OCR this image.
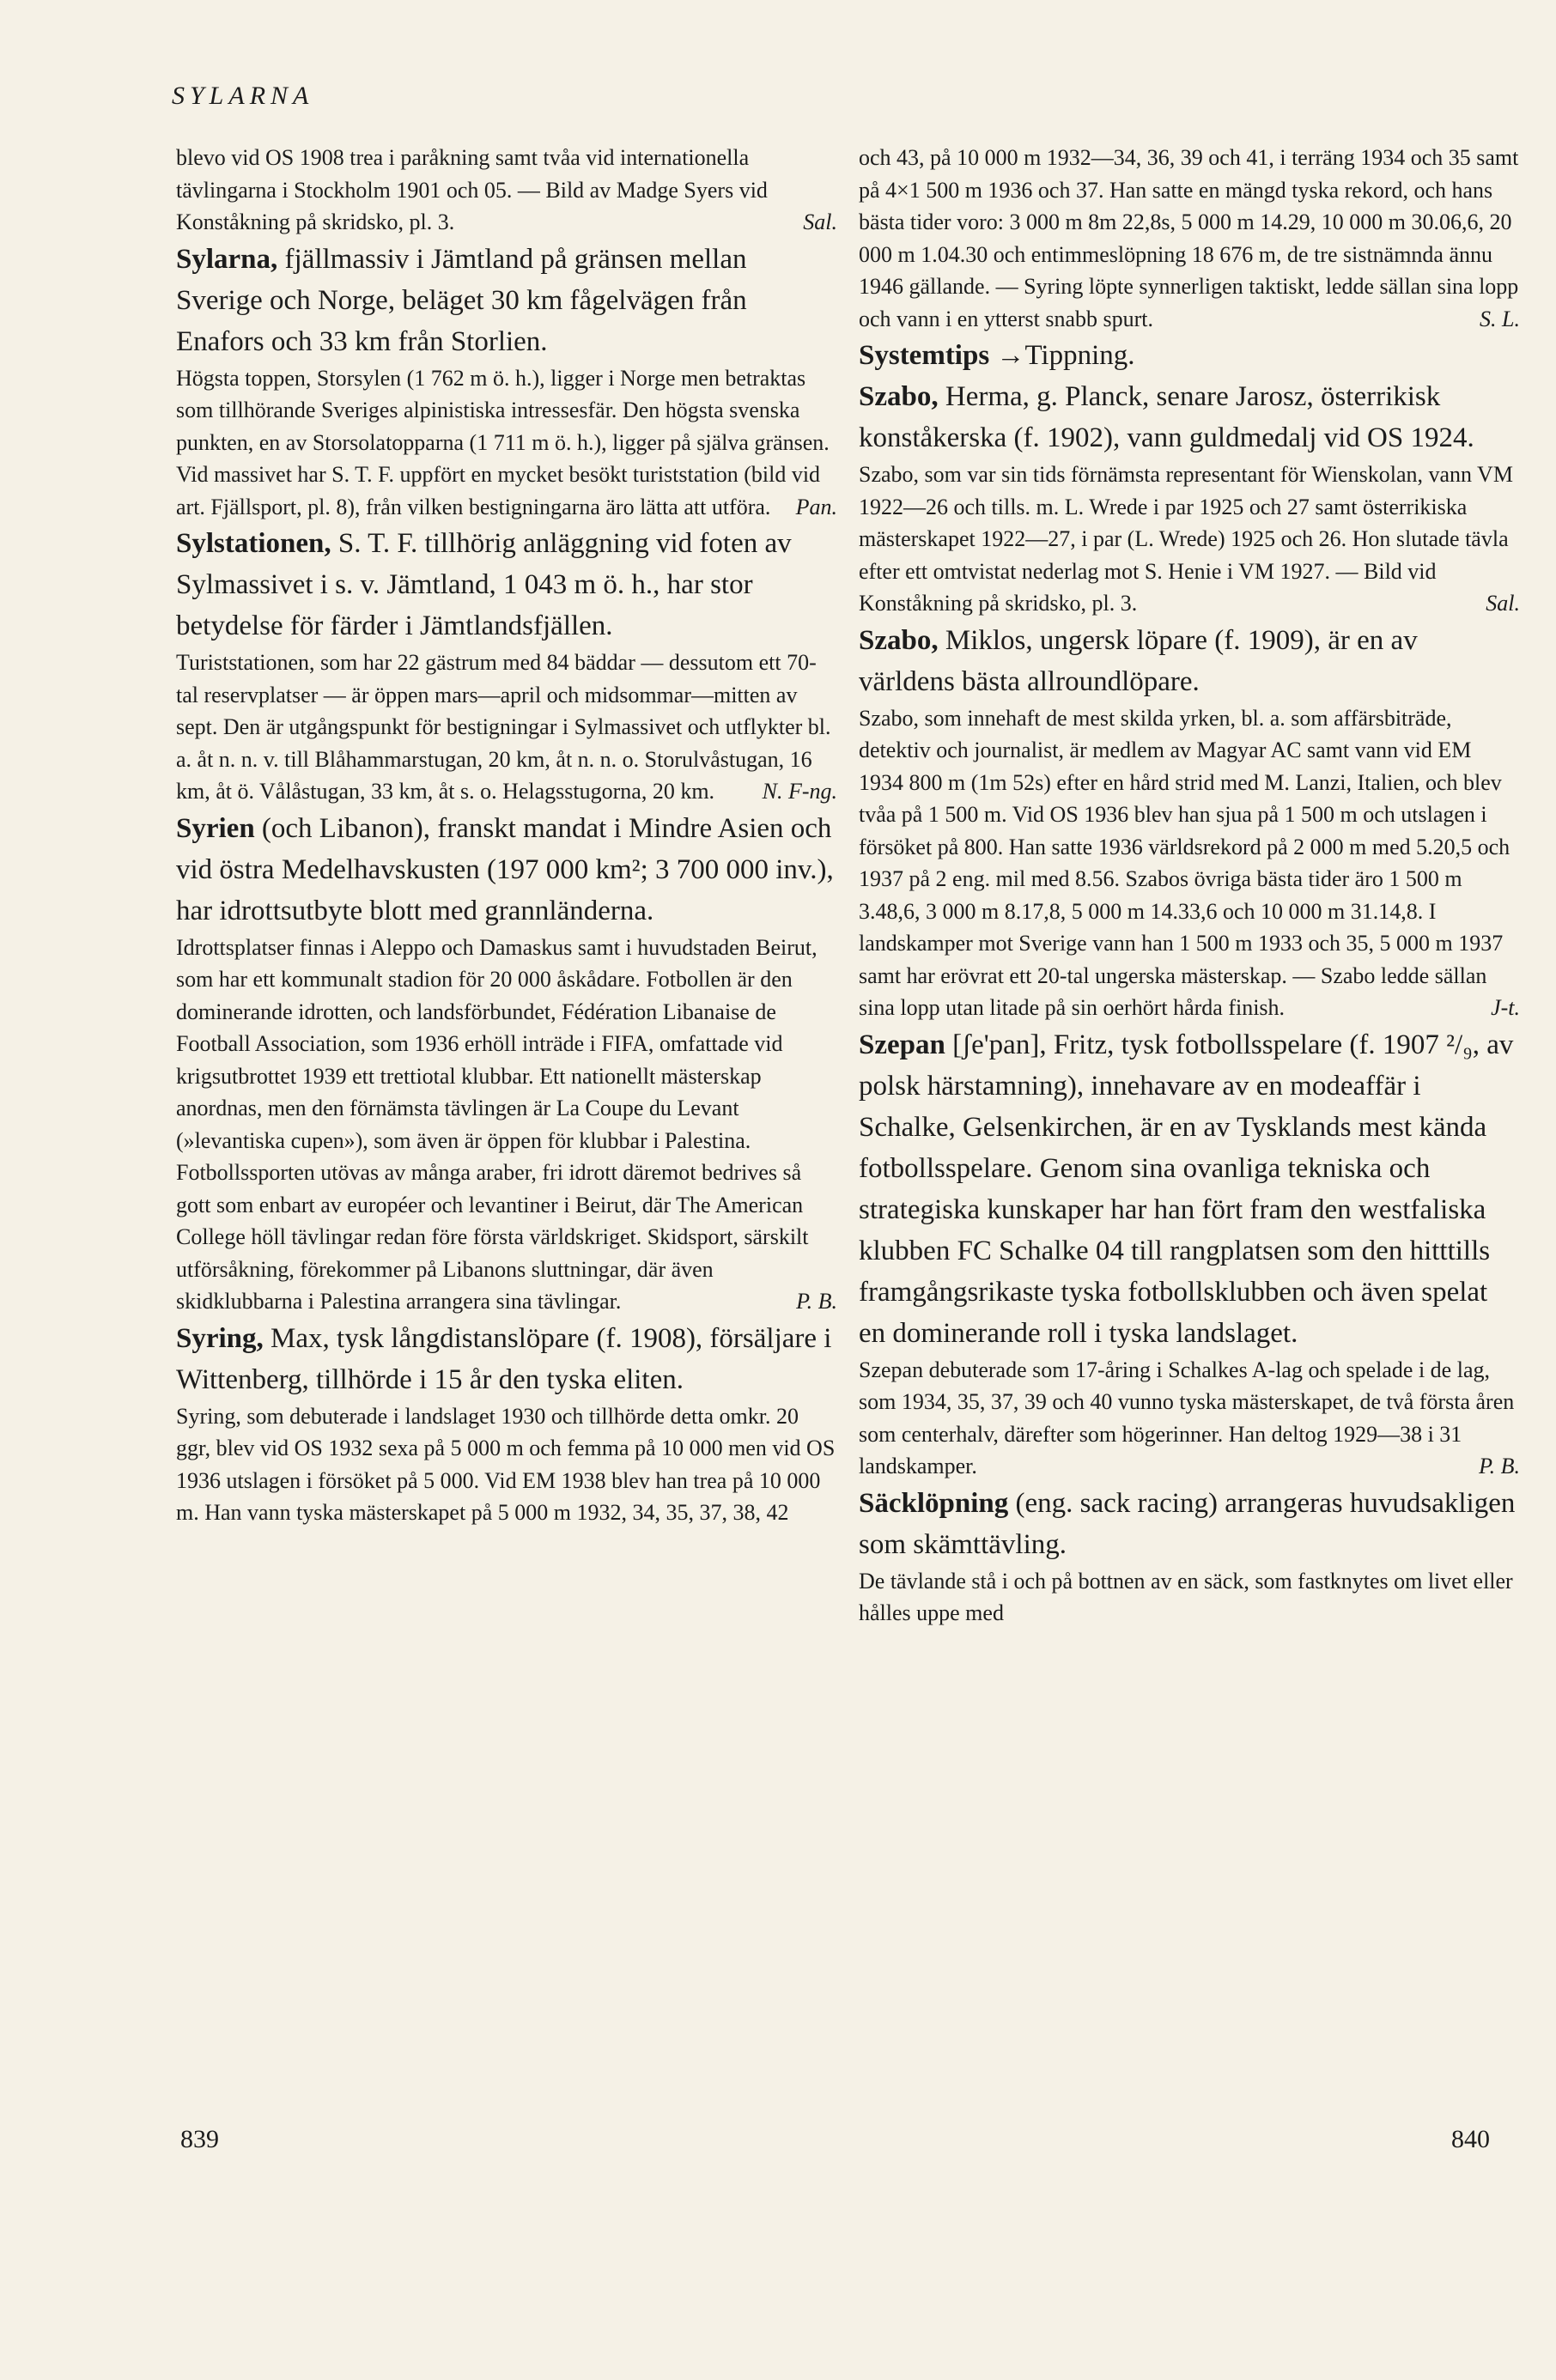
SYLARNA

blevo vid OS 1908 trea i paråkning samt tvåa vid internationella tävlingarna i Stockholm 1901 och 05. — Bild av Madge Syers vid Konståkning på skridsko, pl. 3.	Sal.

Sylarna, fjällmassiv i Jämtland på gränsen mellan Sverige och Norge, beläget 30 km fågelvägen från Enafors och 33 km från Storlien.

Högsta toppen, Storsylen (1 762 m ö. h.), ligger i Norge men betraktas som tillhörande Sveriges alpinistiska intressesfär. Den högsta svenska punkten, en av Storsolatopparna (1 711 m ö. h.), ligger på själva gränsen. Vid massivet har S. T. F. uppfört en mycket besökt turiststation (bild vid art. Fjällsport, pl. 8), från vilken bestigningarna äro lätta att utföra. Pan.

Sylstationen, S. T. F. tillhörig anläggning vid foten av Sylmassivet i s. v. Jämtland, 1 043 m ö. h., har stor betydelse för färder i Jämtlandsfjällen.

Turiststationen, som har 22 gästrum med 84 bäddar — dessutom ett 70-tal reservplatser — är öppen mars—april och midsommar—mitten av sept. Den är utgångspunkt för bestigningar i Sylmassivet och utflykter bl. a. åt n. n. v. till Blåhammarstugan, 20 km, åt n. n. o. Storulvåstugan, 16 km, åt ö. Vålåstugan, 33 km, åt s. o. Helagsstugorna, 20 km. N. F-ng.

Syrien (och Libanon), franskt mandat i Mindre Asien och vid östra Medelhavskusten (197 000 km²; 3 700 000 inv.), har idrottsutbyte blott med grannländerna.

Idrottsplatser finnas i Aleppo och Damaskus samt i huvudstaden Beirut, som har ett kommunalt stadion för 20 000 åskådare. Fotbollen är den dominerande idrotten, och landsförbundet, Fédération Libanaise de Football Association, som 1936 erhöll inträde i FIFA, omfattade vid krigsutbrottet 1939 ett trettiotal klubbar. Ett nationellt mästerskap anordnas, men den förnämsta tävlingen är La Coupe du Levant (»levantiska cupen»), som även är öppen för klubbar i Palestina. Fotbollssporten utövas av många araber, fri idrott däremot bedrives så gott som enbart av européer och levantiner i Beirut, där The American College höll tävlingar redan före första världskriget. Skidsport, särskilt utförsåkning, förekommer på Libanons sluttningar, där även skidklubbarna i Palestina arrangera sina tävlingar.	P. B.

Syring, Max, tysk långdistanslöpare (f. 1908), försäljare i Wittenberg, tillhörde i 15 år den tyska eliten.

Syring, som debuterade i landslaget 1930 och tillhörde detta omkr. 20 ggr, blev vid OS 1932 sexa på 5 000 m och femma på 10 000 men vid OS 1936 utslagen i försöket på 5 000. Vid EM 1938 blev han trea på 10 000 m. Han vann tyska mästerskapet på 5 000 m 1932, 34, 35, 37, 38, 42

och 43, på 10 000 m 1932—34, 36, 39 och 41, i terräng 1934 och 35 samt på 4×1 500 m 1936 och 37. Han satte en mängd tyska rekord, och hans bästa tider voro: 3 000 m 8m 22,8s, 5 000 m 14.29, 10 000 m 30.06,6, 20 000 m 1.04.30 och entimmeslöpning 18 676 m, de tre sistnämnda ännu 1946 gällande. — Syring löpte synnerligen taktiskt, ledde sällan sina lopp och vann i en ytterst snabb spurt.	S. L.

Systemtips →Tippning.

Szabo, Herma, g. Planck, senare Jarosz, österrikisk konståkerska (f. 1902), vann guldmedalj vid OS 1924.

Szabo, som var sin tids förnämsta representant för Wienskolan, vann VM 1922—26 och tills. m. L. Wrede i par 1925 och 27 samt österrikiska mästerskapet 1922—27, i par (L. Wrede) 1925 och 26. Hon slutade tävla efter ett omtvistat nederlag mot S. Henie i VM 1927. — Bild vid Konståkning på skridsko, pl. 3.	Sal.

Szabo, Miklos, ungersk löpare (f. 1909), är en av världens bästa allroundlöpare.

Szabo, som innehaft de mest skilda yrken, bl. a. som affärsbiträde, detektiv och journalist, är medlem av Magyar AC samt vann vid EM 1934 800 m (1m 52s) efter en hård strid med M. Lanzi, Italien, och blev tvåa på 1 500 m. Vid OS 1936 blev han sjua på 1 500 m och utslagen i försöket på 800. Han satte 1936 världsrekord på 2 000 m med 5.20,5 och 1937 på 2 eng. mil med 8.56. Szabos övriga bästa tider äro 1 500 m 3.48,6, 3 000 m 8.17,8, 5 000 m 14.33,6 och 10 000 m 31.14,8. I landskamper mot Sverige vann han 1 500 m 1933 och 35, 5 000 m 1937 samt har erövrat ett 20-tal ungerska mästerskap. — Szabo ledde sällan sina lopp utan litade på sin oerhört hårda finish.	J-t.

Szepan [ʃe'pan], Fritz, tysk fotbollsspelare (f. 1907 ²/₉, av polsk härstamning), innehavare av en modeaffär i Schalke, Gelsenkirchen, är en av Tysklands mest kända fotbollsspelare. Genom sina ovanliga tekniska och strategiska kunskaper har han fört fram den westfaliska klubben FC Schalke 04 till rangplatsen som den hitttills framgångsrikaste tyska fotbollsklubben och även spelat en dominerande roll i tyska landslaget.

Szepan debuterade som 17-åring i Schalkes A-lag och spelade i de lag, som 1934, 35, 37, 39 och 40 vunno tyska mästerskapet, de två första åren som centerhalv, därefter som högerinner. Han deltog 1929—38 i 31 landskamper.	P. B.

Säcklöpning (eng. sack racing) arrangeras huvudsakligen som skämttävling.

De tävlande stå i och på bottnen av en säck, som fastknytes om livet eller hålles uppe med

839	840
